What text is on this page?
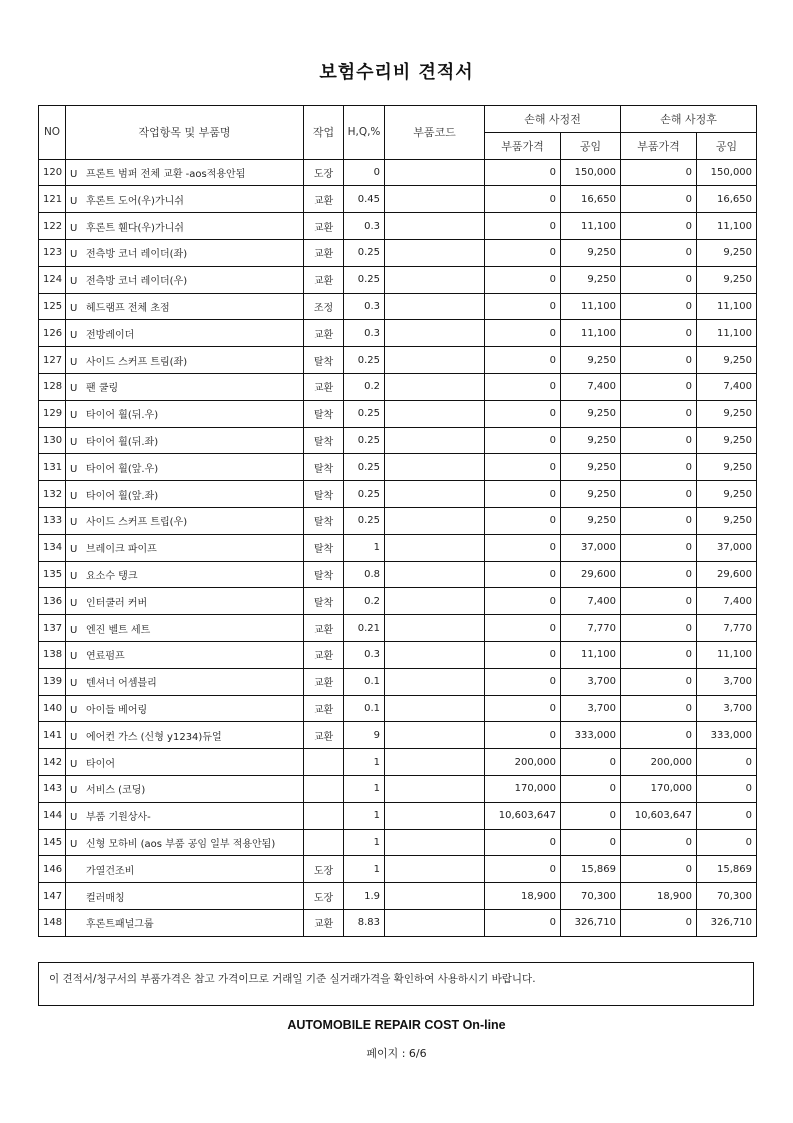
보험수리비 견적서
NO	작업항목 및 부품명	작업	H,Q,%	부품코드	손해 사정전		손해 사정후	
					부품가격	공임	부품가격	공임
120	U 프론트 범퍼 전체 교환 -aos적용안됨	도장	0		0	150,000	0	150,000
121	U 후론트 도어(우)가니쉬	교환	0.45		0	16,650	0	16,650
122	U 후론트 휀다(우)가니쉬	교환	0.3		0	11,100	0	11,100
123	U 전측방 코너 레이더(좌)	교환	0.25		0	9,250	0	9,250
124	U 전측방 코너 레이더(우)	교환	0.25		0	9,250	0	9,250
125	U 헤드램프 전체 초점	조정	0.3		0	11,100	0	11,100
126	U 전방레이더	교환	0.3		0	11,100	0	11,100
127	U 사이드 스커프 트림(좌)	탈착	0.25		0	9,250	0	9,250
128	U 팬 쿨링	교환	0.2		0	7,400	0	7,400
129	U 타이어 휠(뒤.우)	탈착	0.25		0	9,250	0	9,250
130	U 타이어 휠(뒤.좌)	탈착	0.25		0	9,250	0	9,250
131	U 타이어 휠(앞.우)	탈착	0.25		0	9,250	0	9,250
132	U 타이어 휠(앞.좌)	탈착	0.25		0	9,250	0	9,250
133	U 사이드 스커프 트립(우)	탈착	0.25		0	9,250	0	9,250
134	U 브레이크 파이프	탈착	1		0	37,000	0	37,000
135	U 요소수 탱크	탈착	0.8		0	29,600	0	29,600
136	U 인터쿨러 커버	탈착	0.2		0	7,400	0	7,400
137	U 엔진 벨트 세트	교환	0.21		0	7,770	0	7,770
138	U 연료펌프	교환	0.3		0	11,100	0	11,100
139	U 텐셔너 어셈블리	교환	0.1		0	3,700	0	3,700
140	U 아이들 베어링	교환	0.1		0	3,700	0	3,700
141	U 에어컨 가스 (신형 y1234)듀얼	교환	9		0	333,000	0	333,000
142	U 타이어		1		200,000	0	200,000	0
143	U 서비스 (코딩)		1		170,000	0	170,000	0
144	U 부품 기원상사-		1		10,603,647	0	10,603,647	0
145	U 신형 모하비 (aos 부품 공임 일부 적용안됨)		1		0	0	0	0
146	가열건조비	도장	1		0	15,869	0	15,869
147	컬러매칭	도장	1.9		18,900	70,300	18,900	70,300
148	후론트패널그룹	교환	8.83		0	326,710	0	326,710
이 견적서/청구서의 부품가격은 참고 가격이므로 거래일 기준 실거래가격을 확인하여 사용하시기 바랍니다.
AUTOMOBILE REPAIR COST On-line
페이지 : 6/6
